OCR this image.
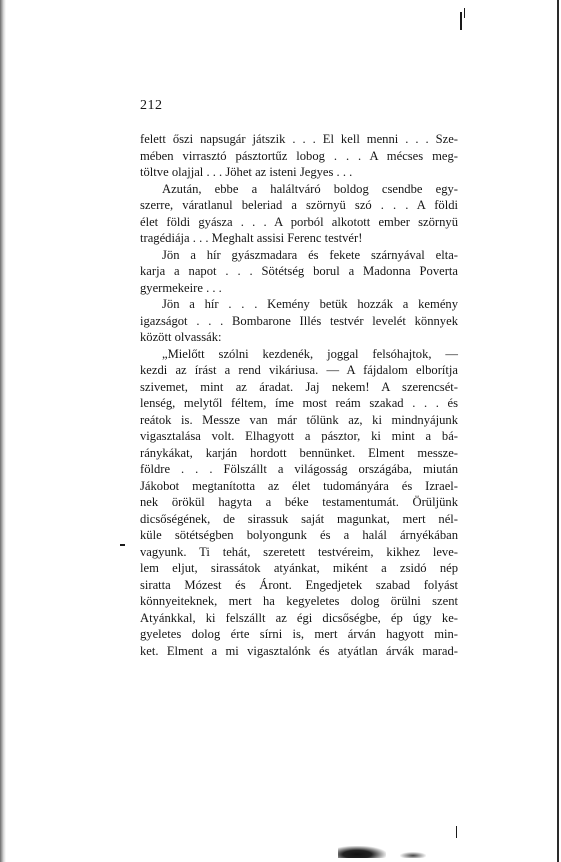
212
felett őszi napsugár játszik . . . El kell menni . . . Sze-
mében virrasztó pásztortűz lobog . . . A mécses meg-
töltve olajjal . . . Jöhet az isteni Jegyes . . .
Azután, ebbe a haláltváró boldog csendbe egy-
szerre, váratlanul beleriad a szörnyü szó . . . A földi
élet földi gyásza . . . A porból alkotott ember szörnyü
tragédiája . . . Meghalt assisi Ferenc testvér!
Jön a hír gyászmadara és fekete szárnyával elta-
karja a napot . . . Sötétség borul a Madonna Poverta
gyermekeire . . .
Jön a hír . . . Kemény betük hozzák a kemény
igazságot . . . Bombarone Illés testvér levelét könnyek
között olvassák:
„Mielőtt szólni kezdenék, joggal felsóhajtok, —
kezdi az írást a rend vikáriusa. — A fájdalom elborítja
szivemet, mint az áradat. Jaj nekem! A szerencsét-
lenség, melytől féltem, íme most reám szakad . . . és
reátok is. Messze van már tőlünk az, ki mindnyájunk
vigasztalása volt. Elhagyott a pásztor, ki mint a bá-
ránykákat, karján hordott bennünket. Elment messze-
földre . . . Fölszállt a világosság országába, miután
Jákobot megtanította az élet tudományára és Izrael-
nek örökül hagyta a béke testamentumát. Örüljünk
dicsőségének, de sirassuk saját magunkat, mert nél-
küle sötétségben bolyongunk és a halál árnyékában
vagyunk. Ti tehát, szeretett testvéreim, kikhez leve-
lem eljut, sirassátok atyánkat, miként a zsidó nép
siratta Mózest és Áront. Engedjetek szabad folyást
könnyeiteknek, mert ha kegyeletes dolog örülni szent
Atyánkkal, ki felszállt az égi dicsőségbe, ép úgy ke-
gyeletes dolog érte sírni is, mert árván hagyott min-
ket. Elment a mi vigasztalónk és atyátlan árvák marad-
